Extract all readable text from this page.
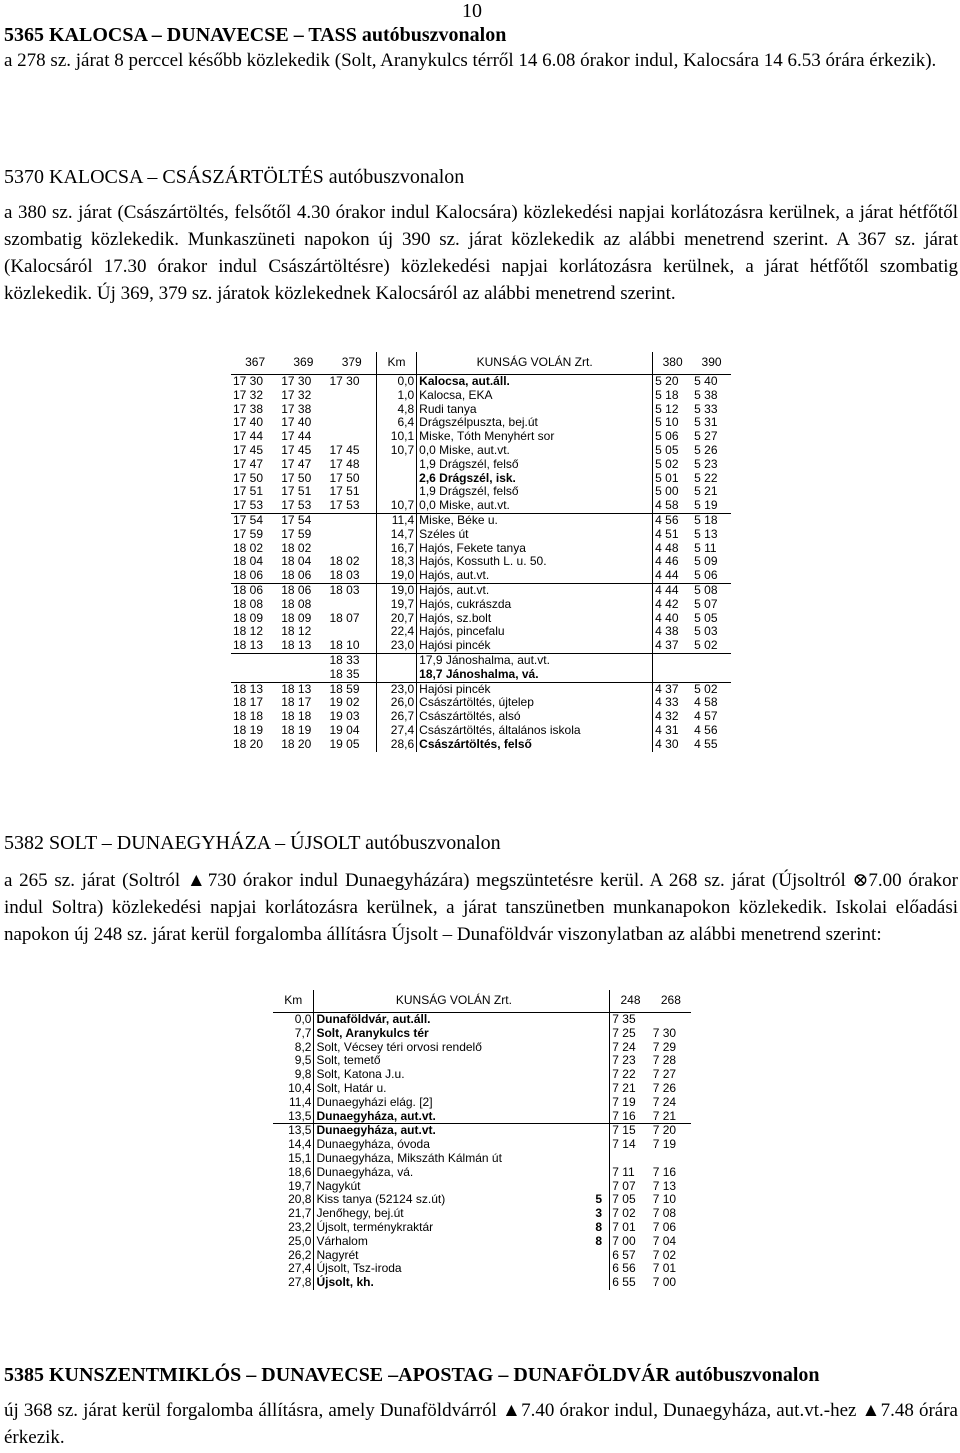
10
5365 KALOCSA – DUNAVECSE – TASS autóbuszvonalon
a 278 sz. járat 8 perccel később közlekedik (Solt, Aranykulcs térről 14 6.08 órakor indul, Kalocsára 14 6.53 órára érkezik).
5370 KALOCSA – CSÁSZÁRTÖLTÉS autóbuszvonalon
a 380 sz. járat (Császártöltés, felsőtől 4.30 órakor indul Kalocsára) közlekedési napjai korlátozásra kerülnek, a járat hétfőtől szombatig közlekedik. Munkaszüneti napokon új 390 sz. járat közlekedik az alábbi menetrend szerint. A 367 sz. járat (Kalocsáról 17.30 órakor indul Császártöltésre) közlekedési napjai korlátozásra kerülnek, a járat hétfőtől szombatig közlekedik. Új 369, 379 sz. járatok közlekednek Kalocsáról az alábbi menetrend szerint.
367	369	379	Km	KUNSÁG VOLÁN Zrt.	380	390
17 30	17 30	17 30	0,0	Kalocsa, aut.áll.	5 20	5 40
17 32	17 32		1,0	Kalocsa, EKA	5 18	5 38
17 38	17 38		4,8	Rudi tanya	5 12	5 33
17 40	17 40		6,4	Drágszélpuszta, bej.út	5 10	5 31
17 44	17 44		10,1	Miske, Tóth Menyhért sor	5 06	5 27
17 45	17 45	17 45	10,7	0,0 Miske, aut.vt.	5 05	5 26
17 47	17 47	17 48		1,9 Drágszél, felső	5 02	5 23
17 50	17 50	17 50		2,6 Drágszél, isk.	5 01	5 22
17 51	17 51	17 51		1,9 Drágszél, felső	5 00	5 21
17 53	17 53	17 53	10,7	0,0 Miske, aut.vt.	4 58	5 19
17 54	17 54		11,4	Miske, Béke u.	4 56	5 18
17 59	17 59		14,7	Széles út	4 51	5 13
18 02	18 02		16,7	Hajós, Fekete tanya	4 48	5 11
18 04	18 04	18 02	18,3	Hajós, Kossuth L. u. 50.	4 46	5 09
18 06	18 06	18 03	19,0	Hajós, aut.vt.	4 44	5 06
18 06	18 06	18 03	19,0	Hajós, aut.vt.	4 44	5 08
18 08	18 08		19,7	Hajós, cukrászda	4 42	5 07
18 09	18 09	18 07	20,7	Hajós, sz.bolt	4 40	5 05
18 12	18 12		22,4	Hajós, pincefalu	4 38	5 03
18 13	18 13	18 10	23,0	Hajósi pincék	4 37	5 02
		18 33		17,9 Jánoshalma, aut.vt.		
		18 35		18,7 Jánoshalma, vá.		
18 13	18 13	18 59	23,0	Hajósi pincék	4 37	5 02
18 17	18 17	19 02	26,0	Császártöltés, újtelep	4 33	4 58
18 18	18 18	19 03	26,7	Császártöltés, alsó	4 32	4 57
18 19	18 19	19 04	27,4	Császártöltés, általános iskola	4 31	4 56
18 20	18 20	19 05	28,6	Császártöltés, felső	4 30	4 55
5382 SOLT – DUNAEGYHÁZA – ÚJSOLT autóbuszvonalon
a 265 sz. járat (Soltról ▲730 órakor indul Dunaegyházára) megszüntetésre kerül. A 268 sz. járat (Újsoltról ⊗7.00 órakor indul Soltra) közlekedési napjai korlátozásra kerülnek, a járat tanszünetben munkanapokon közlekedik. Iskolai előadási napokon új 248 sz. járat kerül forgalomba állításra Újsolt – Dunaföldvár viszonylatban az alábbi menetrend szerint:
Km	KUNSÁG VOLÁN Zrt.		248	268
0,0	Dunaföldvár, aut.áll.		7 35	
7,7	Solt, Aranykulcs tér		7 25	7 30
8,2	Solt, Vécsey téri orvosi rendelő		7 24	7 29
9,5	Solt, temető		7 23	7 28
9,8	Solt, Katona J.u.		7 22	7 27
10,4	Solt, Határ u.		7 21	7 26
11,4	Dunaegyházi elág. [2]		7 19	7 24
13,5	Dunaegyháza, aut.vt.		7 16	7 21
13,5	Dunaegyháza, aut.vt.		7 15	7 20
14,4	Dunaegyháza, óvoda		7 14	7 19
15,1	Dunaegyháza, Mikszáth Kálmán út			
18,6	Dunaegyháza, vá.		7 11	7 16
19,7	Nagykút		7 07	7 13
20,8	Kiss tanya (52124 sz.út)	5	7 05	7 10
21,7	Jenőhegy, bej.út	3	7 02	7 08
23,2	Újsolt, terménykraktár	8	7 01	7 06
25,0	Várhalom	8	7 00	7 04
26,2	Nagyrét		6 57	7 02
27,4	Újsolt, Tsz-iroda		6 56	7 01
27,8	Újsolt, kh.		6 55	7 00
5385 KUNSZENTMIKLÓS – DUNAVECSE –APOSTAG – DUNAFÖLDVÁR autóbuszvonalon
új 368 sz. járat kerül forgalomba állításra, amely Dunaföldvárról ▲7.40 órakor indul, Dunaegyháza, aut.vt.-hez ▲7.48 órára érkezik.
